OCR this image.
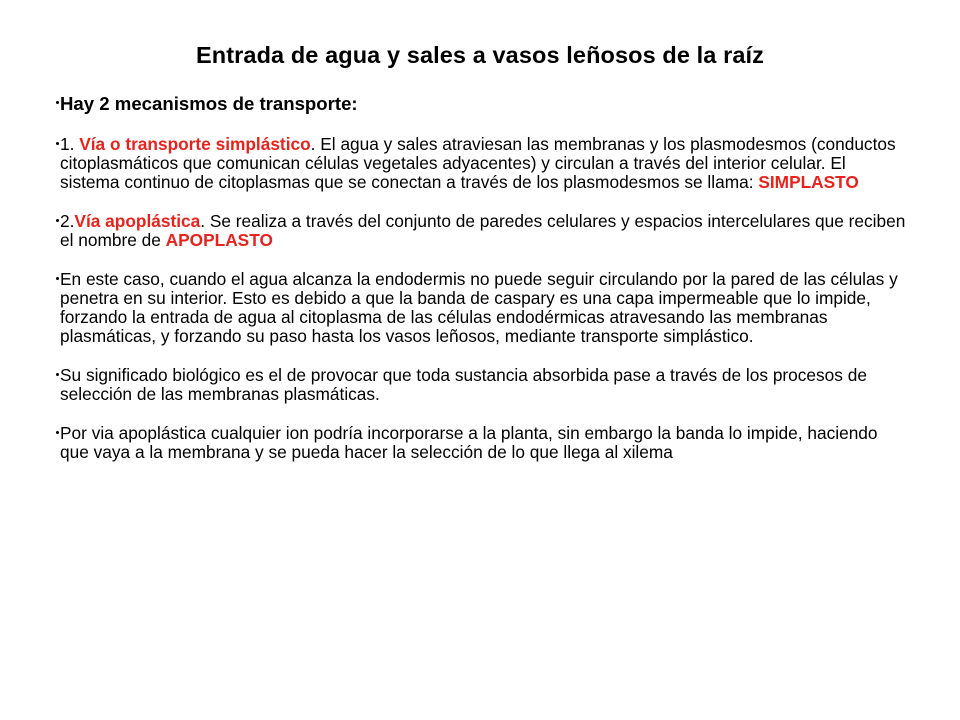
Entrada de agua y sales a vasos leñosos de la raíz

Hay 2 mecanismos de transporte:

1. Vía o transporte simplástico. El agua y sales atraviesan las membranas y los plasmodesmos (conductos citoplasmáticos que comunican células vegetales adyacentes) y circulan a través del interior celular. El sistema continuo de citoplasmas que se conectan a través de los plasmodesmos se llama: SIMPLASTO

2.Vía apoplástica. Se realiza a través del conjunto de paredes celulares y espacios intercelulares que reciben el nombre de APOPLASTO

En este caso, cuando el agua alcanza la endodermis no puede seguir circulando por la pared de las células y penetra en su interior. Esto es debido a que la banda de caspary es una capa impermeable que lo impide, forzando la entrada de agua al citoplasma de las células endodérmicas atravesando las membranas plasmáticas, y forzando su paso hasta los vasos leñosos, mediante transporte simplástico.

Su significado biológico es el de provocar que toda sustancia absorbida pase a través de los procesos de selección de las membranas plasmáticas.

Por via apoplástica cualquier ion podría incorporarse a la planta, sin embargo la banda lo impide, haciendo que vaya a la membrana y se pueda hacer la selección de lo que llega al xilema
